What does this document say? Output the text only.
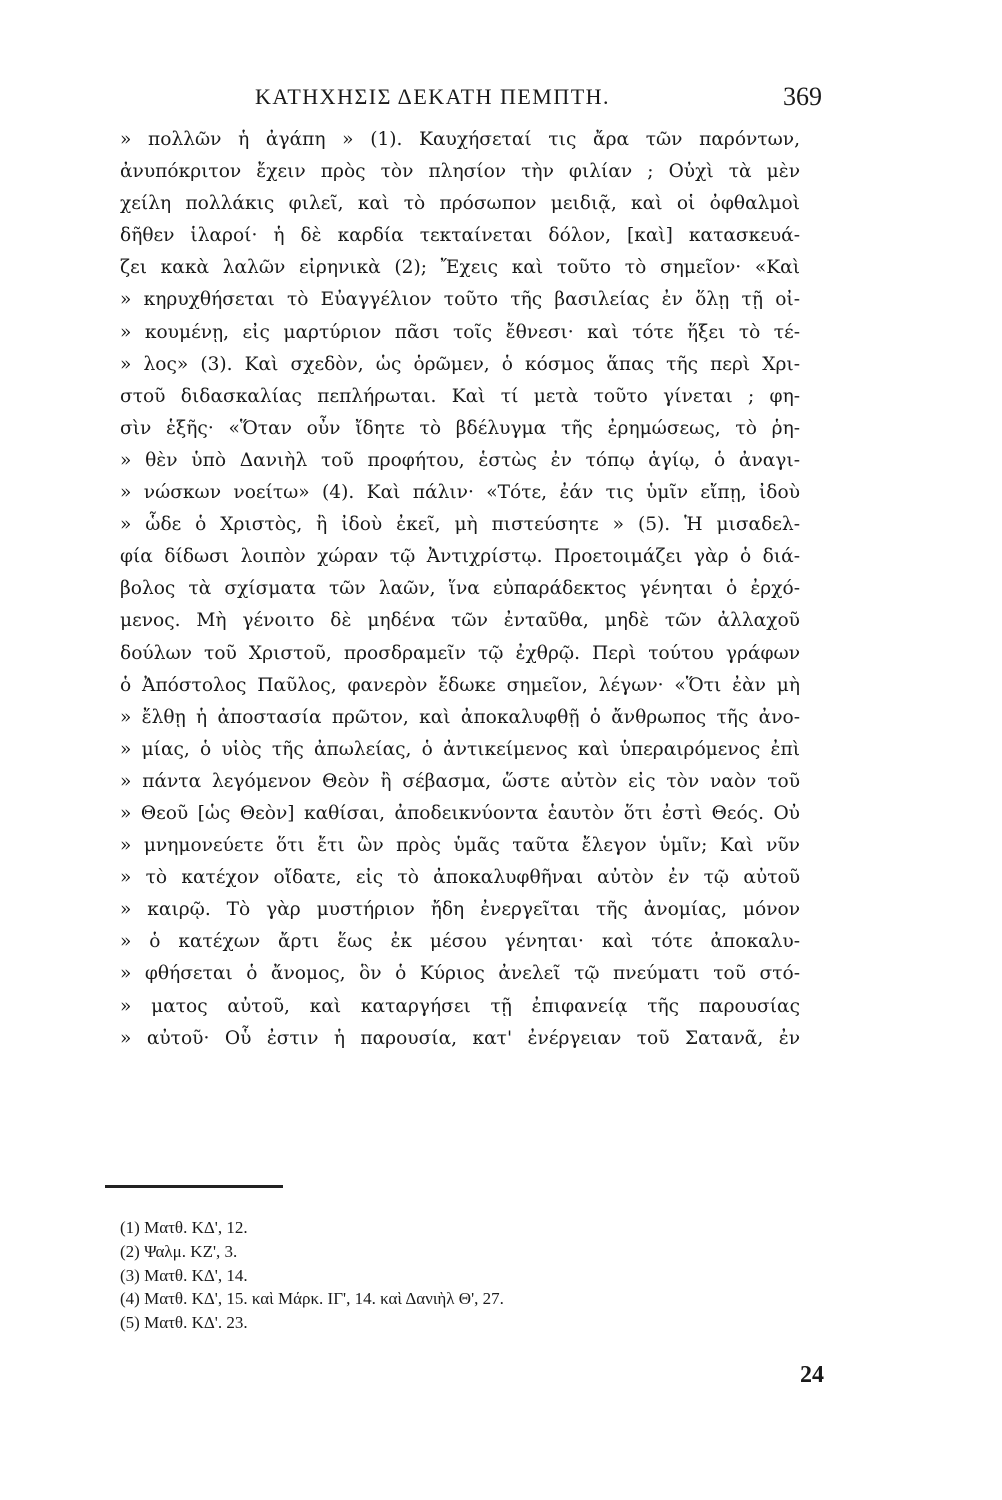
ΚΑΤΗΧΗΣΙΣ ΔΕΚΑΤΗ ΠΕΜΠΤΗ.	369
» πολλῶν ἡ ἀγάπη » (1). Καυχήσεταί τις ἄρα τῶν παρόντων,
ἀνυπόκριτον ἔχειν πρὸς τὸν πλησίον τὴν φιλίαν ; Οὐχὶ τὰ μὲν
χείλη πολλάκις φιλεῖ, καὶ τὸ πρόσωπον μειδιᾷ, καὶ οἱ ὀφθαλμοὶ
δῆθεν ἱλαροί· ἡ δὲ καρδία τεκταίνεται δόλον, [καὶ] κατασκευά-
ζει κακὰ λαλῶν εἰρηνικὰ (2); Ἔχεις καὶ τοῦτο τὸ σημεῖον· «Καὶ
» κηρυχθήσεται τὸ Εὐαγγέλιον τοῦτο τῆς βασιλείας ἐν ὅλῃ τῇ οἰ-
» κουμένῃ, εἰς μαρτύριον πᾶσι τοῖς ἔθνεσι· καὶ τότε ἥξει τὸ τέ-
» λος» (3). Καὶ σχεδὸν, ὡς ὁρῶμεν, ὁ κόσμος ἅπας τῆς περὶ Χρι-
στοῦ διδασκαλίας πεπλήρωται. Καὶ τί μετὰ τοῦτο γίνεται ; φη-
σὶν ἑξῆς· «Ὅταν οὖν ἴδητε τὸ βδέλυγμα τῆς ἐρημώσεως, τὸ ῥη-
» θὲν ὑπὸ Δανιὴλ τοῦ προφήτου, ἑστὼς ἐν τόπῳ ἁγίῳ, ὁ ἀναγι-
» νώσκων νοείτω» (4). Καὶ πάλιν· «Τότε, ἐάν τις ὑμῖν εἴπῃ, ἰδοὺ
» ὧδε ὁ Χριστὸς, ἢ ἰδοὺ ἐκεῖ, μὴ πιστεύσητε » (5). Ἡ μισαδελ-
φία δίδωσι λοιπὸν χώραν τῷ Ἀντιχρίστῳ. Προετοιμάζει γὰρ ὁ διά-
βολος τὰ σχίσματα τῶν λαῶν, ἵνα εὐπαράδεκτος γένηται ὁ ἐρχό-
μενος. Μὴ γένοιτο δὲ μηδένα τῶν ἐνταῦθα, μηδὲ τῶν ἀλλαχοῦ
δούλων τοῦ Χριστοῦ, προσδραμεῖν τῷ ἐχθρῷ. Περὶ τούτου γράφων
ὁ Ἀπόστολος Παῦλος, φανερὸν ἔδωκε σημεῖον, λέγων· «Ὅτι ἐὰν μὴ
» ἔλθῃ ἡ ἀποστασία πρῶτον, καὶ ἀποκαλυφθῇ ὁ ἄνθρωπος τῆς ἀνο-
» μίας, ὁ υἱὸς τῆς ἀπωλείας, ὁ ἀντικείμενος καὶ ὑπεραιρόμενος ἐπὶ
» πάντα λεγόμενον Θεὸν ἢ σέβασμα, ὥστε αὐτὸν εἰς τὸν ναὸν τοῦ
» Θεοῦ [ὡς Θεὸν] καθίσαι, ἀποδεικνύοντα ἑαυτὸν ὅτι ἐστὶ Θεός. Οὐ
» μνημονεύετε ὅτι ἔτι ὢν πρὸς ὑμᾶς ταῦτα ἔλεγον ὑμῖν; Καὶ νῦν
» τὸ κατέχον οἴδατε, εἰς τὸ ἀποκαλυφθῆναι αὐτὸν ἐν τῷ αὐτοῦ
» καιρῷ. Τὸ γὰρ μυστήριον ἤδη ἐνεργεῖται τῆς ἀνομίας, μόνον
» ὁ κατέχων ἄρτι ἕως ἐκ μέσου γένηται· καὶ τότε ἀποκαλυ-
» φθήσεται ὁ ἄνομος, ὃν ὁ Κύριος ἀνελεῖ τῷ πνεύματι τοῦ στό-
» ματος αὐτοῦ, καὶ καταργήσει τῇ ἐπιφανείᾳ τῆς παρουσίας
» αὐτοῦ· Οὗ ἐστιν ἡ παρουσία, κατ' ἐνέργειαν τοῦ Σατανᾶ, ἐν
(1) Ματθ. ΚΔ', 12.
(2) Ψαλμ. ΚΖ', 3.
(3) Ματθ. ΚΔ', 14.
(4) Ματθ. ΚΔ', 15. καὶ Μάρκ. ΙΓ', 14. καὶ Δανιὴλ Θ', 27.
(5) Ματθ. ΚΔ'. 23.
24
